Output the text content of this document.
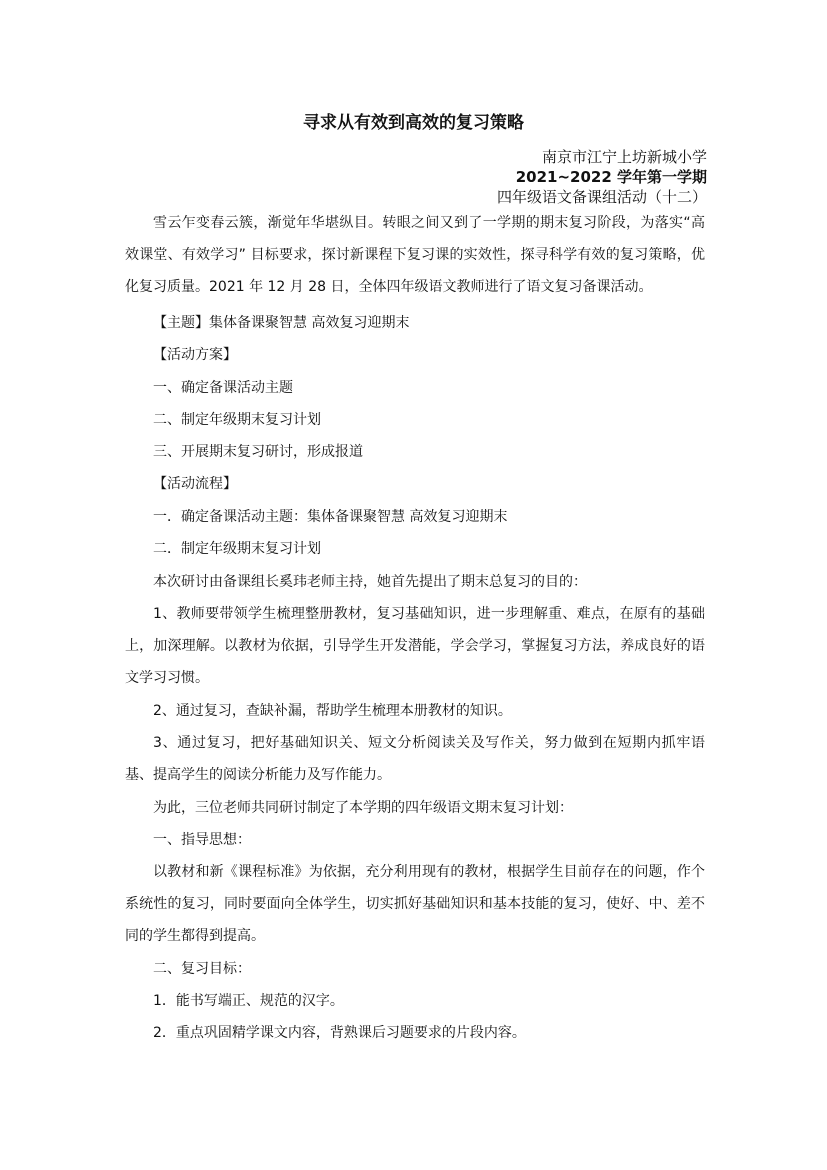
寻求从有效到高效的复习策略
南京市江宁上坊新城小学
2021~2022 学年第一学期
四年级语文备课组活动（十二）

雪云乍变春云簇，渐觉年华堪纵目。转眼之间又到了一学期的期末复习阶段，为落实“高效课堂、有效学习” 目标要求，探讨新课程下复习课的实效性，探寻科学有效的复习策略，优化复习质量。2021 年 12 月 28 日，全体四年级语文教师进行了语文复习备课活动。

【主题】集体备课聚智慧 高效复习迎期末
【活动方案】
一、确定备课活动主题
二、制定年级期末复习计划
三、开展期末复习研讨，形成报道
【活动流程】
一．确定备课活动主题：集体备课聚智慧 高效复习迎期末
二．制定年级期末复习计划
本次研讨由备课组长奚玮老师主持，她首先提出了期末总复习的目的：

1、教师要带领学生梳理整册教材，复习基础知识，进一步理解重、难点，在原有的基础上，加深理解。以教材为依据，引导学生开发潜能，学会学习，掌握复习方法，养成良好的语文学习习惯。

2、通过复习，查缺补漏，帮助学生梳理本册教材的知识。

3、通过复习，把好基础知识关、短文分析阅读关及写作关，努力做到在短期内抓牢语基、提高学生的阅读分析能力及写作能力。

为此，三位老师共同研讨制定了本学期的四年级语文期末复习计划：
一、指导思想：

以教材和新《课程标准》为依据，充分利用现有的教材，根据学生目前存在的问题，作个系统性的复习，同时要面向全体学生，切实抓好基础知识和基本技能的复习，使好、中、差不同的学生都得到提高。

二、复习目标：
1．能书写端正、规范的汉字。
2．重点巩固精学课文内容，背熟课后习题要求的片段内容。
